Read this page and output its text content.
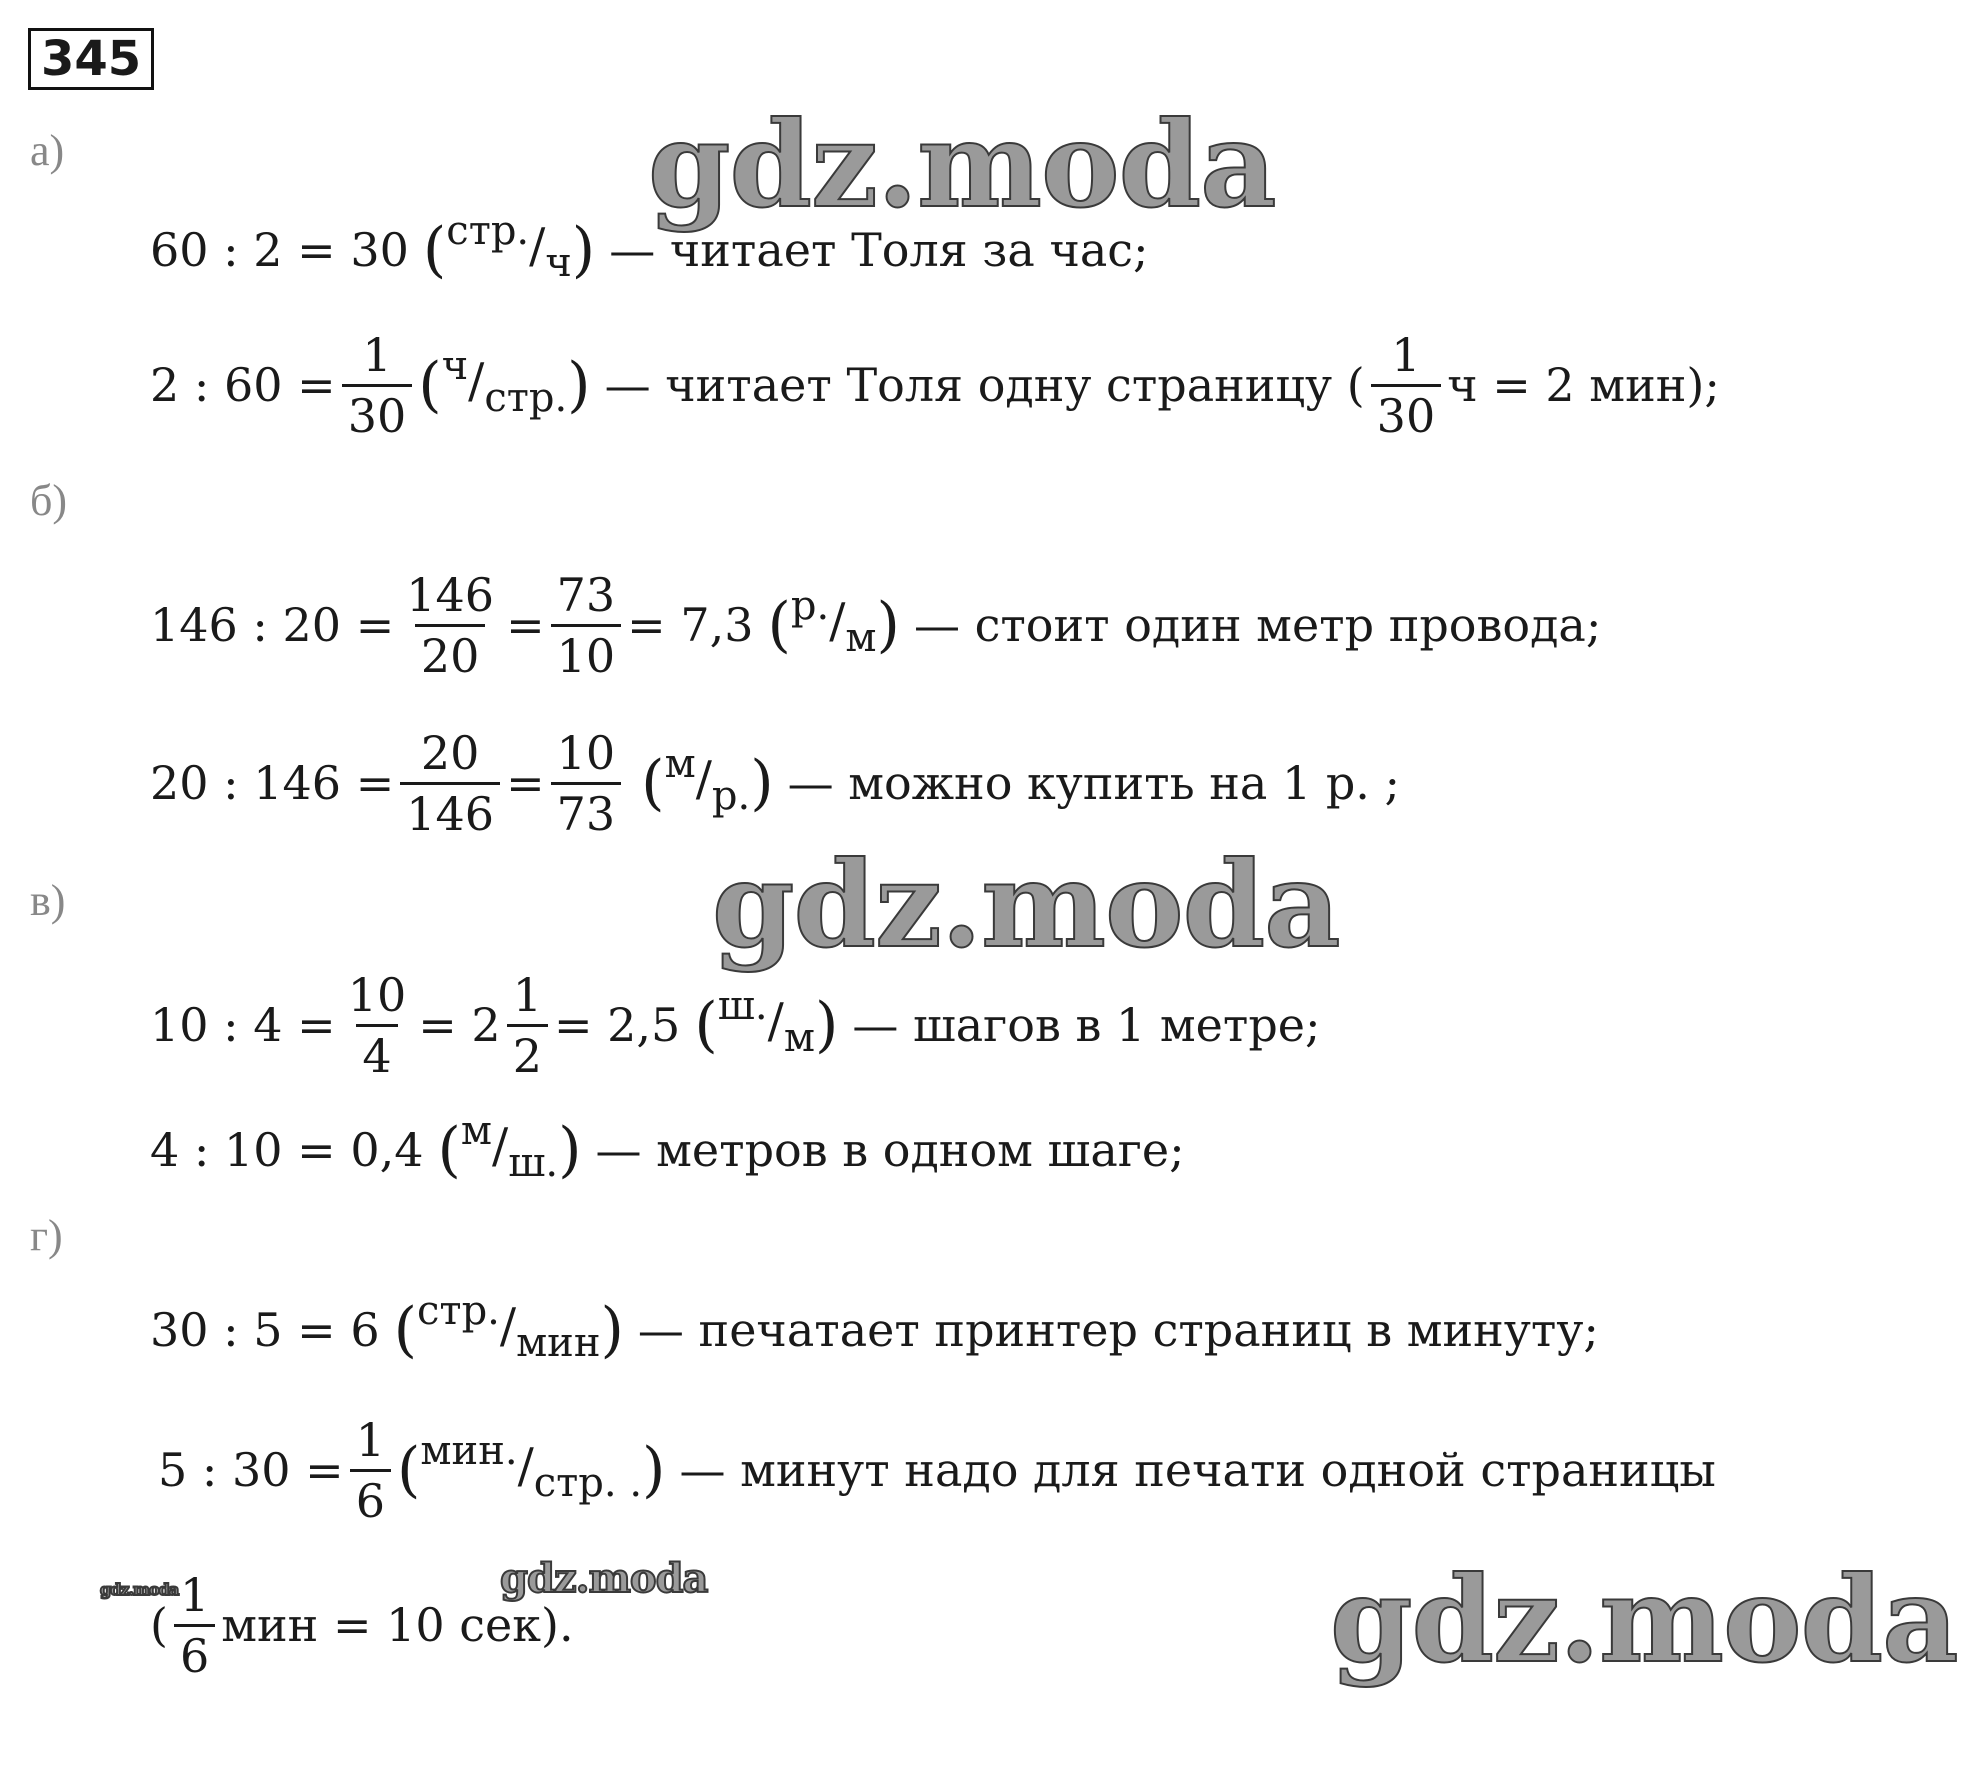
345
gdz.moda
gdz.moda
gdz.moda
gdz.moda	gdz.moda
а)
60 : 2 = 30 (стр./ч) — читает Толя за час;
2 : $60 = \frac{1}{30} (ч/стр.)$ — читает Толя одну страницу ( $\frac{1}{30}$ ч = 2 мин);
б)
146 : $20 = \frac{146}{20} = \frac{73}{10} = 7,3$ (р./м) — стоит один метр провода;
20 : $146 = \frac{20}{146} = \frac{10}{73} (м/р.)$ — можно купить на 1 р. ;
в)
10 : $4 = \frac{10}{4} = 2 \frac{1}{2} = 2,5$ (ш./м) — шагов в 1 метре;
4 : 10 = 0,4 (м/ш.) — метров в одном шаге;
г)
30 : 5 = 6 (стр./мин) — печатает принтер страниц в минуту;
5 : $30 = \frac{1}{6} (мин./стр$. .) — минут надо для печати одной страницы
( $\frac{1}{6}$ мин = 10 сек).
